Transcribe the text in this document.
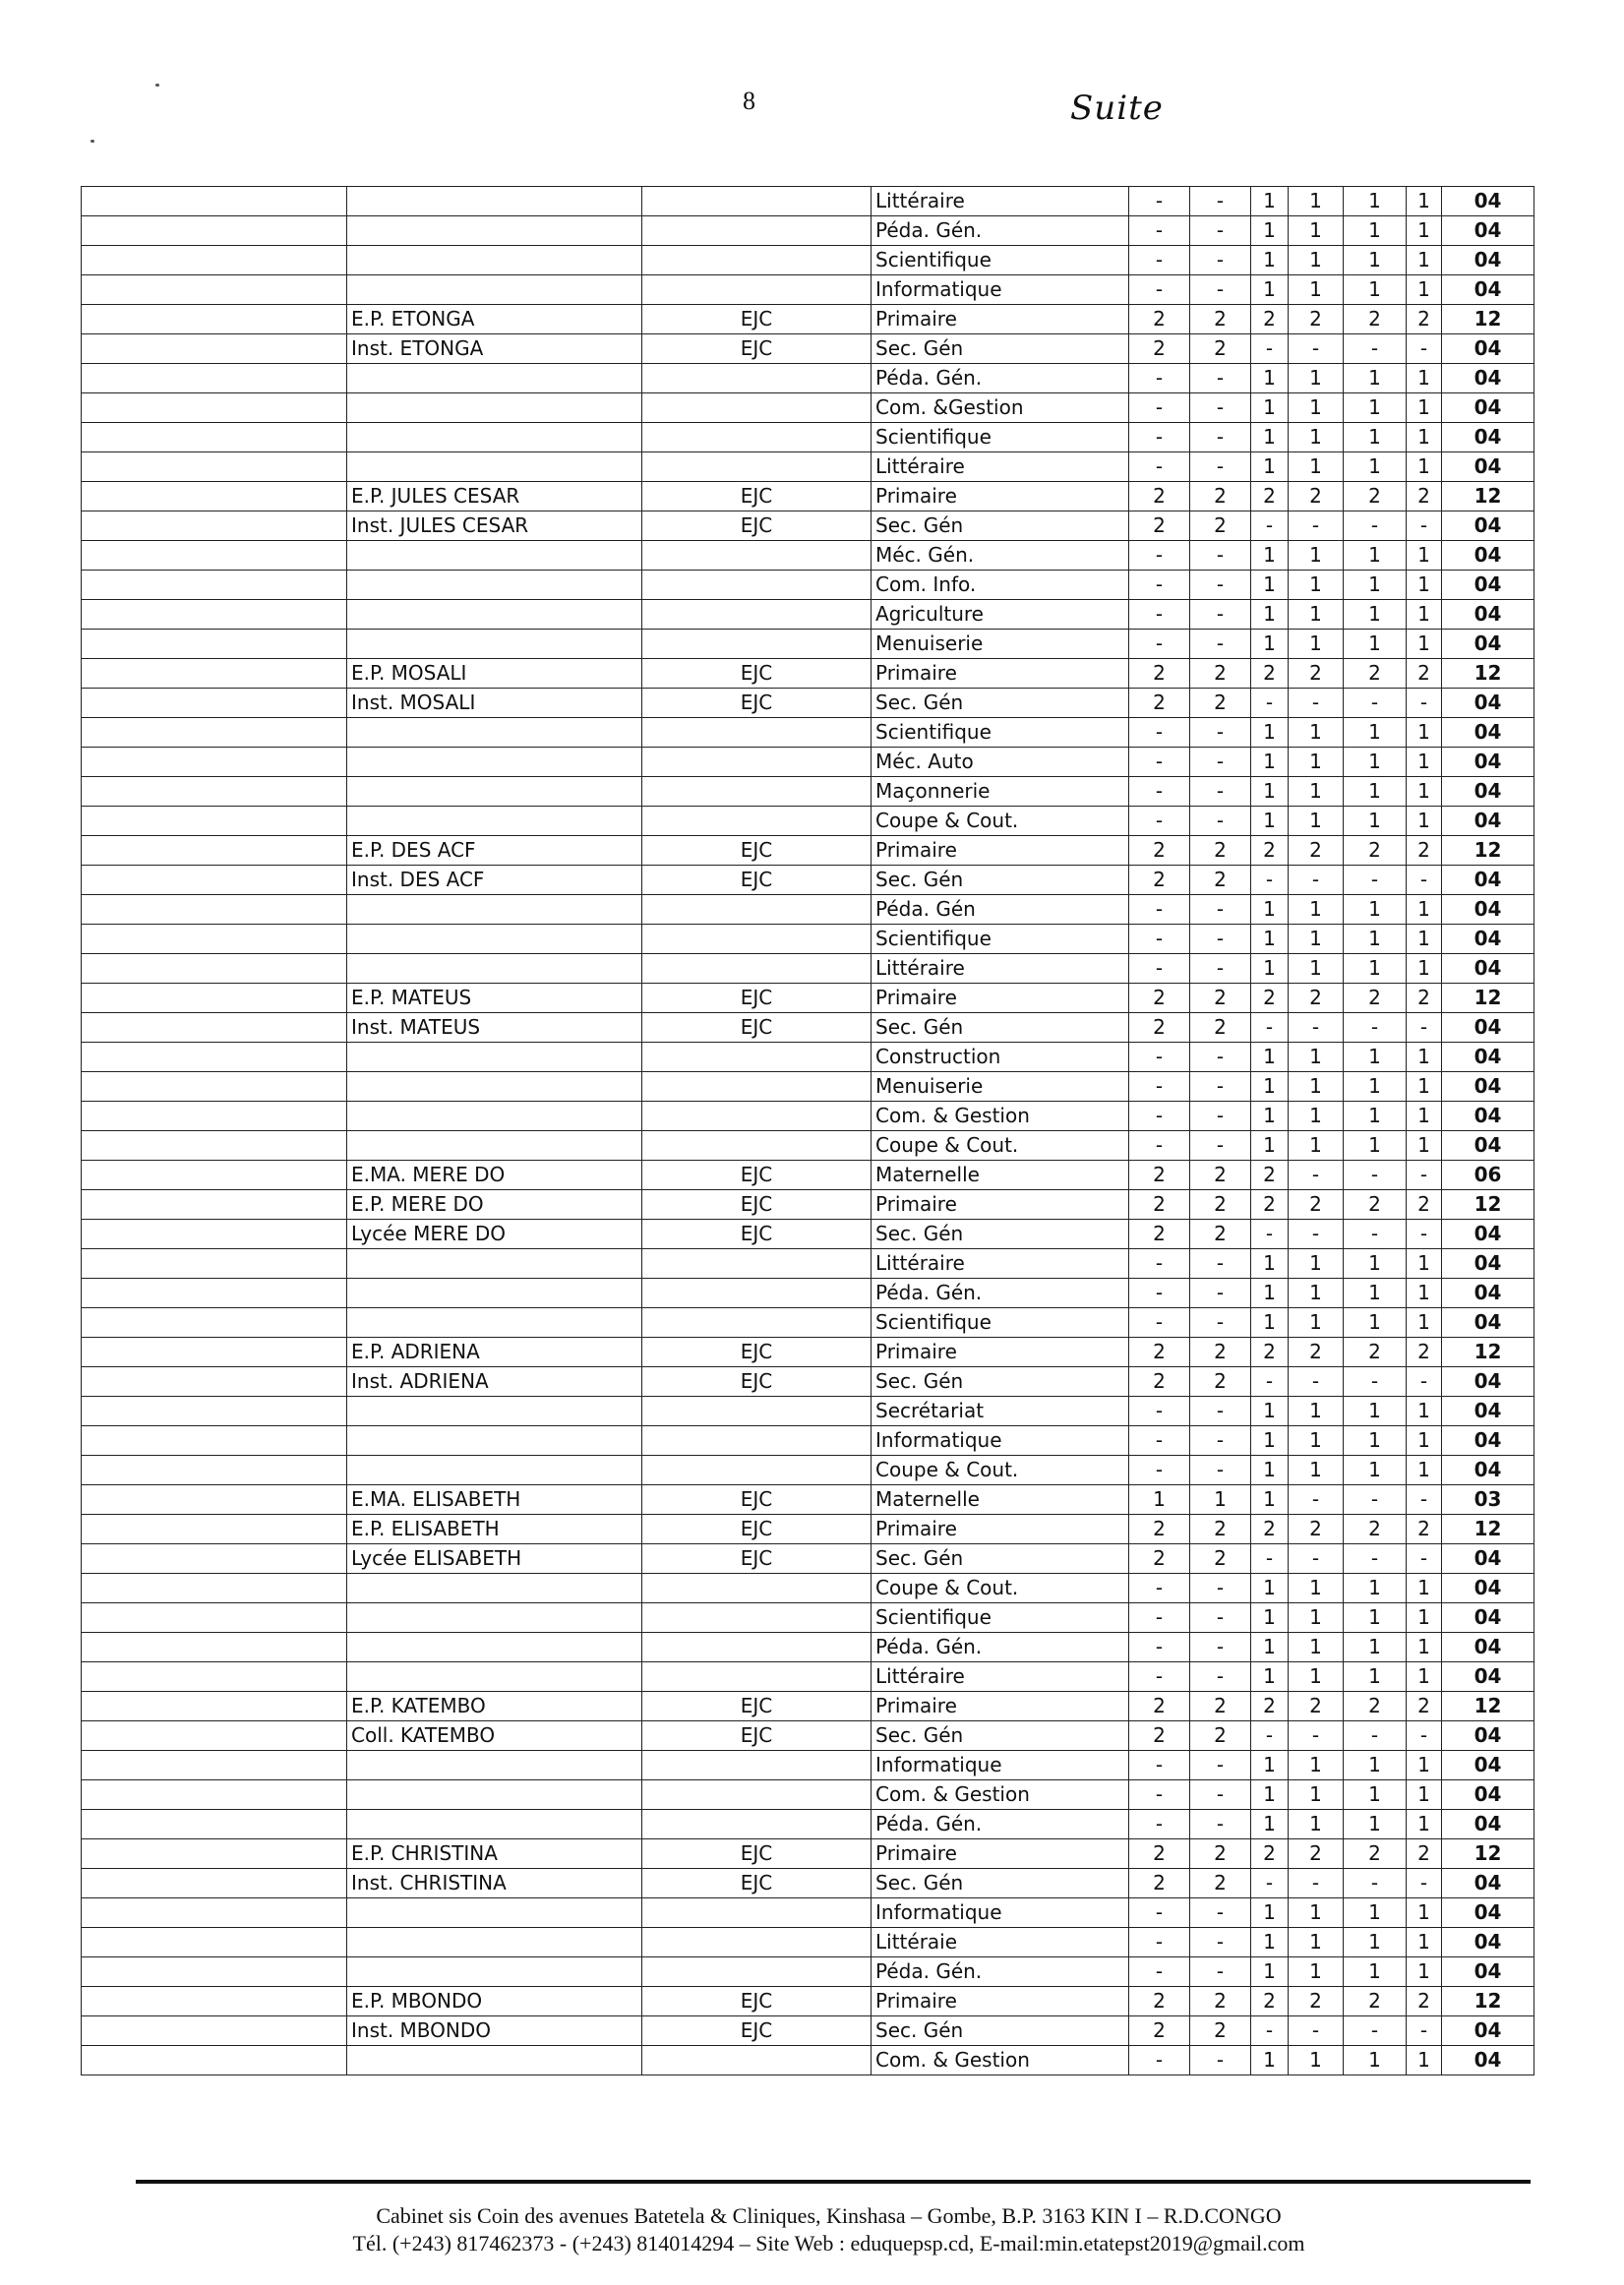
8	Suite
			Littéraire	-	-	1	1	1	1	04
			Péda. Gén.	-	-	1	1	1	1	04
			Scientifique	-	-	1	1	1	1	04
			Informatique	-	-	1	1	1	1	04
	E.P. ETONGA	EJC	Primaire	2	2	2	2	2	2	12
	Inst. ETONGA	EJC	Sec. Gén	2	2	-	-	-	-	04
			Péda. Gén.	-	-	1	1	1	1	04
			Com. &Gestion	-	-	1	1	1	1	04
			Scientifique	-	-	1	1	1	1	04
			Littéraire	-	-	1	1	1	1	04
	E.P. JULES CESAR	EJC	Primaire	2	2	2	2	2	2	12
	Inst. JULES CESAR	EJC	Sec. Gén	2	2	-	-	-	-	04
			Méc. Gén.	-	-	1	1	1	1	04
			Com. Info.	-	-	1	1	1	1	04
			Agriculture	-	-	1	1	1	1	04
			Menuiserie	-	-	1	1	1	1	04
	E.P. MOSALI	EJC	Primaire	2	2	2	2	2	2	12
	Inst. MOSALI	EJC	Sec. Gén	2	2	-	-	-	-	04
			Scientifique	-	-	1	1	1	1	04
			Méc. Auto	-	-	1	1	1	1	04
			Maçonnerie	-	-	1	1	1	1	04
			Coupe & Cout.	-	-	1	1	1	1	04
	E.P. DES ACF	EJC	Primaire	2	2	2	2	2	2	12
	Inst. DES ACF	EJC	Sec. Gén	2	2	-	-	-	-	04
			Péda. Gén	-	-	1	1	1	1	04
			Scientifique	-	-	1	1	1	1	04
			Littéraire	-	-	1	1	1	1	04
	E.P. MATEUS	EJC	Primaire	2	2	2	2	2	2	12
	Inst. MATEUS	EJC	Sec. Gén	2	2	-	-	-	-	04
			Construction	-	-	1	1	1	1	04
			Menuiserie	-	-	1	1	1	1	04
			Com. & Gestion	-	-	1	1	1	1	04
			Coupe & Cout.	-	-	1	1	1	1	04
	E.MA. MERE DO	EJC	Maternelle	2	2	2	-	-	-	06
	E.P. MERE DO	EJC	Primaire	2	2	2	2	2	2	12
	Lycée MERE DO	EJC	Sec. Gén	2	2	-	-	-	-	04
			Littéraire	-	-	1	1	1	1	04
			Péda. Gén.	-	-	1	1	1	1	04
			Scientifique	-	-	1	1	1	1	04
	E.P. ADRIENA	EJC	Primaire	2	2	2	2	2	2	12
	Inst. ADRIENA	EJC	Sec. Gén	2	2	-	-	-	-	04
			Secrétariat	-	-	1	1	1	1	04
			Informatique	-	-	1	1	1	1	04
			Coupe & Cout.	-	-	1	1	1	1	04
	E.MA. ELISABETH	EJC	Maternelle	1	1	1	-	-	-	03
	E.P. ELISABETH	EJC	Primaire	2	2	2	2	2	2	12
	Lycée ELISABETH	EJC	Sec. Gén	2	2	-	-	-	-	04
			Coupe & Cout.	-	-	1	1	1	1	04
			Scientifique	-	-	1	1	1	1	04
			Péda. Gén.	-	-	1	1	1	1	04
			Littéraire	-	-	1	1	1	1	04
	E.P. KATEMBO	EJC	Primaire	2	2	2	2	2	2	12
	Coll. KATEMBO	EJC	Sec. Gén	2	2	-	-	-	-	04
			Informatique	-	-	1	1	1	1	04
			Com. & Gestion	-	-	1	1	1	1	04
			Péda. Gén.	-	-	1	1	1	1	04
	E.P. CHRISTINA	EJC	Primaire	2	2	2	2	2	2	12
	Inst. CHRISTINA	EJC	Sec. Gén	2	2	-	-	-	-	04
			Informatique	-	-	1	1	1	1	04
			Littéraie	-	-	1	1	1	1	04
			Péda. Gén.	-	-	1	1	1	1	04
	E.P. MBONDO	EJC	Primaire	2	2	2	2	2	2	12
	Inst. MBONDO	EJC	Sec. Gén	2	2	-	-	-	-	04
			Com. & Gestion	-	-	1	1	1	1	04
Cabinet sis Coin des avenues Batetela & Cliniques, Kinshasa – Gombe, B.P. 3163 KIN I – R.D.CONGO
Tél. (+243) 817462373 - (+243) 814014294 – Site Web : eduquepsp.cd, E-mail:min.etatepst2019@gmail.com
